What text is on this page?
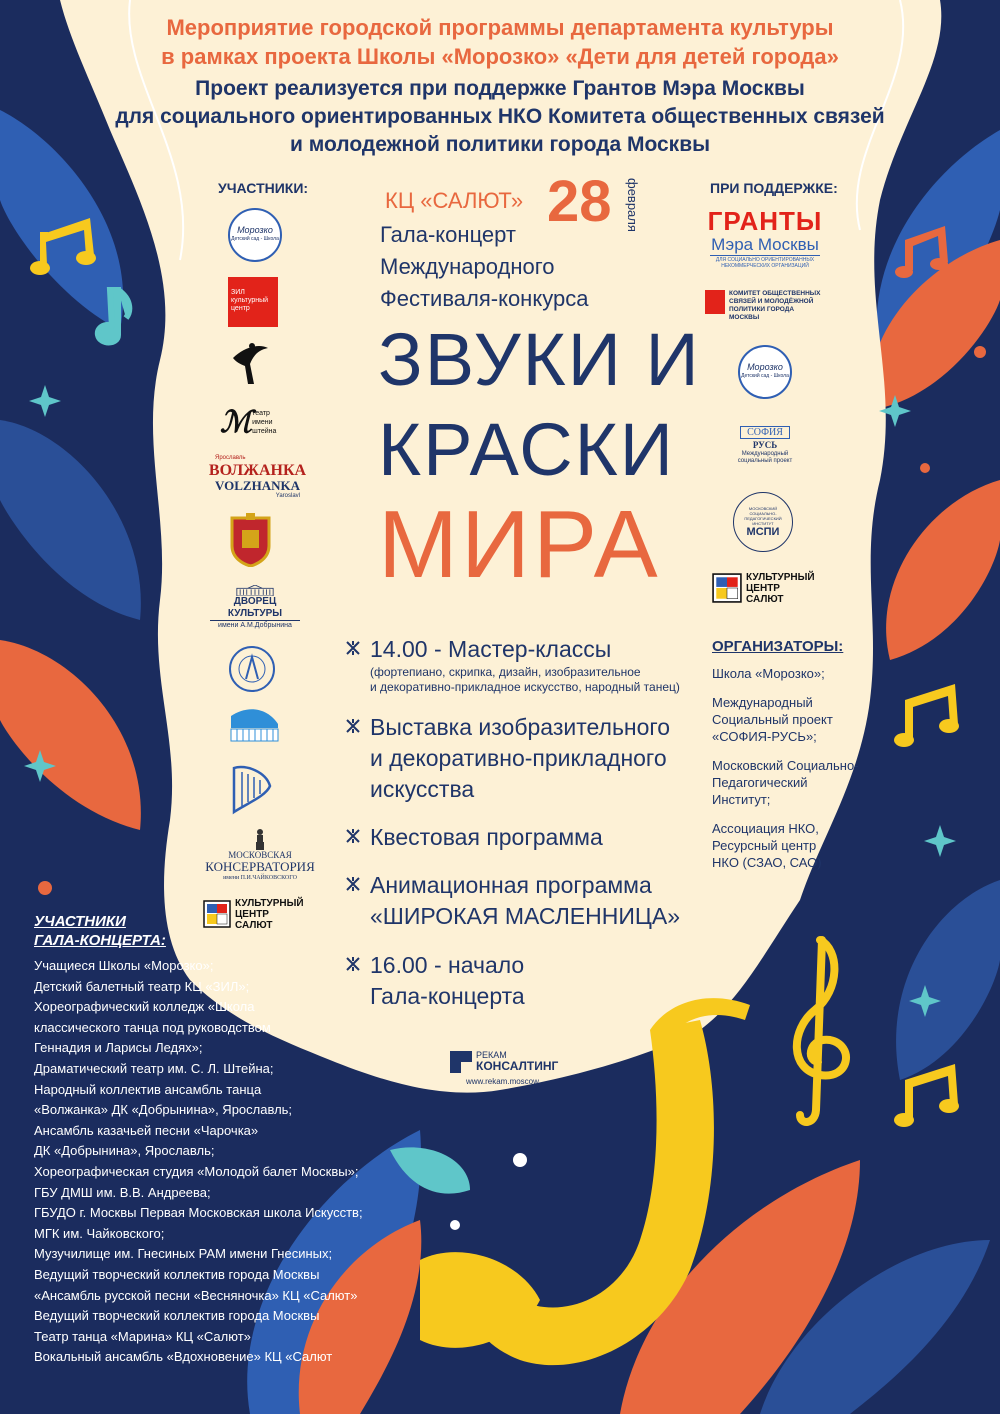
Мероприятие городской программы департамента культуры
в рамках проекта Школы «Морозко» «Дети для детей города»
Проект реализуется при поддержке Грантов Мэра Москвы
для социального ориентированных НКО Комитета общественных связей
и молодежной политики города Москвы
УЧАСТНИКИ:	ПРИ ПОДДЕРЖКЕ:
КЦ «САЛЮТ» 28 февраля
Гала-концерт
Международного
Фестиваля-конкурса
ЗВУКИ И
КРАСКИ
МИРА
Морозко
Детский сад - Школа
ЗИЛ культурный центр
ℳ театр имени штейна
Ярославль
ВОЛЖАНКА
VOLZHANKA
Yaroslavl
ДВОРЕЦ КУЛЬТУРЫ
имени А.М.Добрынина
МОСКОВСКАЯ
КОНСЕРВАТОРИЯ
имени П.И.ЧАЙКОВСКОГО
КУЛЬТУРНЫЙ
ЦЕНТР
САЛЮТ
ГРАНТЫ
Мэра Москвы
ДЛЯ СОЦИАЛЬНО ОРИЕНТИРОВАННЫХ НЕКОММЕРЧЕСКИХ ОРГАНИЗАЦИЙ
КОМИТЕТ ОБЩЕСТВЕННЫХ СВЯЗЕЙ И МОЛОДЁЖНОЙ ПОЛИТИКИ ГОРОДА МОСКВЫ
Морозко
Детский сад - Школа
СОФИЯ
РУСЬ
Международный социальный проект
МОСКОВСКИЙ СОЦИАЛЬНО-ПЕДАГОГИЧЕСКИЙ ИНСТИТУТ
МСПИ
КУЛЬТУРНЫЙ
ЦЕНТР
САЛЮТ
14.00 - Мастер-классы
(фортепиано, скрипка, дизайн, изобразительное
и декоративно-прикладное искусство, народный танец)
Выставка изобразительного
и декоративно-прикладного
искусства
Квестовая программа
Анимационная программа
«ШИРОКАЯ МАСЛЕННИЦА»
16.00 - начало
Гала-концерта
ОРГАНИЗАТОРЫ:
Школа «Морозко»;
Международный
Социальный проект
«СОФИЯ-РУСЬ»;
Московский Социально-
Педагогический
Институт;
Ассоциация НКО,
Ресурсный центр
НКО (СЗАО, САО)
УЧАСТНИКИ
ГАЛА-КОНЦЕРТА:
Учащиеся Школы «Морозко»;
Детский балетный театр КЦ «ЗИЛ»;
Хореографический колледж «Школа
классического танца под руководством
Геннадия и Ларисы Ледях»;
Драматический театр им. С. Л. Штейна;
Народный коллектив ансамбль танца
«Волжанка» ДК «Добрынина», Ярославль;
Ансамбль казачьей песни «Чарочка»
ДК «Добрынина», Ярославль;
Хореографическая студия «Молодой балет Москвы»;
ГБУ ДМШ им. В.В. Андреева;
ГБУДО г. Москвы Первая Московская школа Искусств;
МГК им. Чайковского;
Музучилище им. Гнесиных РАМ имени Гнесиных;
Ведущий творческий коллектив города Москвы
«Ансамбль русской песни «Весняночка» КЦ «Салют»
Ведущий творческий коллектив города Москвы
Театр танца «Марина» КЦ «Салют»
Вокальный ансамбль «Вдохновение» КЦ «Салют
РЕКАМ
КОНСАЛТИНГ
www.rekam.moscow
